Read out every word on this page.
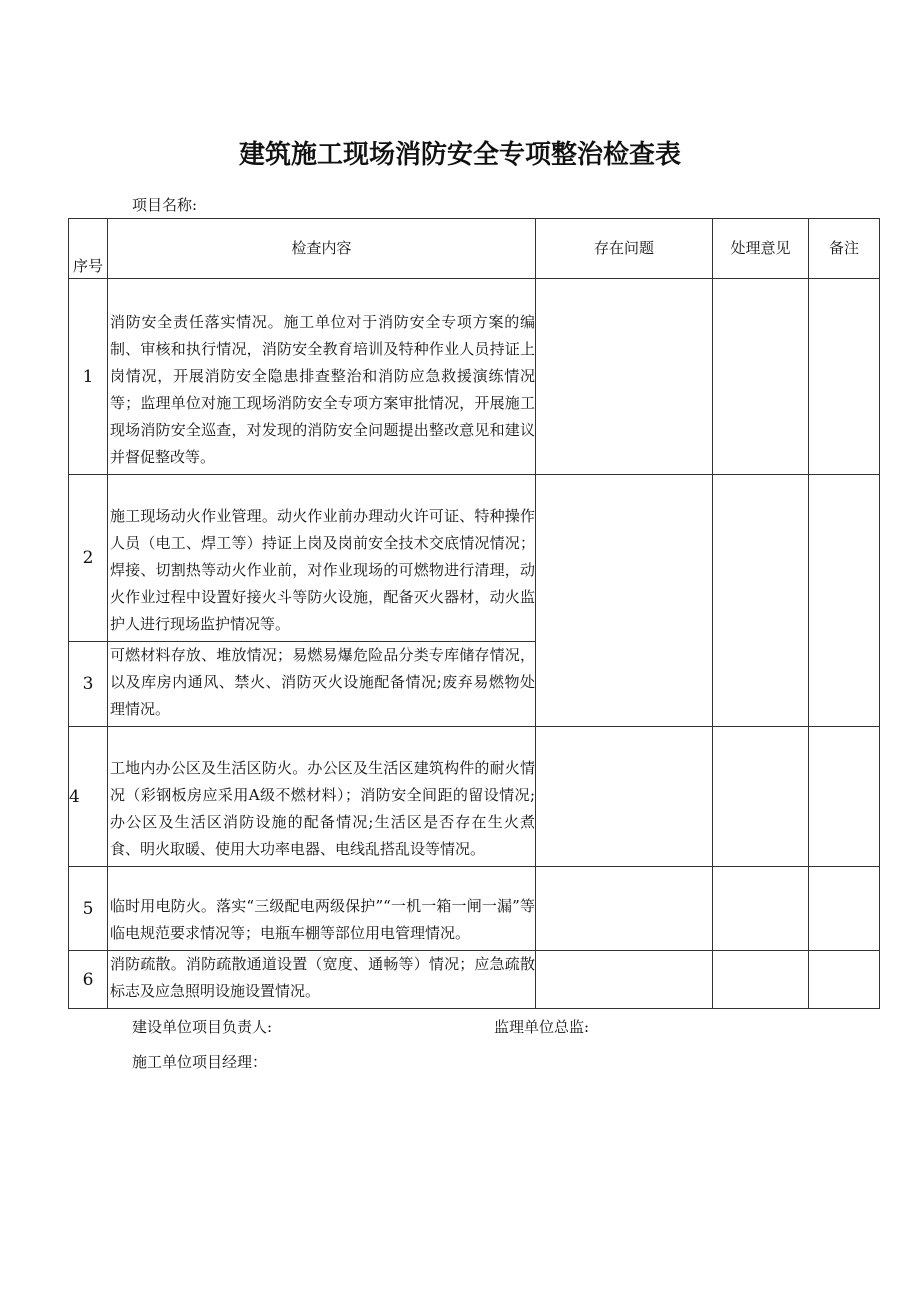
建筑施工现场消防安全专项整治检查表
项目名称:
序号	检查内容	存在问题	处理意见	备注
1	消防安全责任落实情况。施工单位对于消防安全专项方案的编制、审核和执行情况，消防安全教育培训及特种作业人员持证上岗情况，开展消防安全隐患排查整治和消防应急救援演练情况等；监理单位对施工现场消防安全专项方案审批情况，开展施工现场消防安全巡查，对发现的消防安全问题提出整改意见和建议并督促整改等。			
2	施工现场动火作业管理。动火作业前办理动火许可证、特种操作人员（电工、焊工等）持证上岗及岗前安全技术交底情况情况；焊接、切割热等动火作业前，对作业现场的可燃物进行清理，动火作业过程中设置好接火斗等防火设施，配备灭火器材，动火监护人进行现场监护情况等。			
3	可燃材料存放、堆放情况；易燃易爆危险品分类专库储存情况，以及库房内通风、禁火、消防灭火设施配备情况;废弃易燃物处理情况。			
4	工地内办公区及生活区防火。办公区及生活区建筑构件的耐火情况（彩钢板房应采用A级不燃材料）；消防安全间距的留设情况;办公区及生活区消防设施的配备情况;生活区是否存在生火煮食、明火取暖、使用大功率电器、电线乱搭乱设等情况。			
5	临时用电防火。落实“三级配电两级保护”“一机一箱一闸一漏”等临电规范要求情况等；电瓶车棚等部位用电管理情况。			
6	消防疏散。消防疏散通道设置（宽度、通畅等）情况；应急疏散标志及应急照明设施设置情况。			
建设单位项目负责人:	监理单位总监:
施工单位项目经理：
